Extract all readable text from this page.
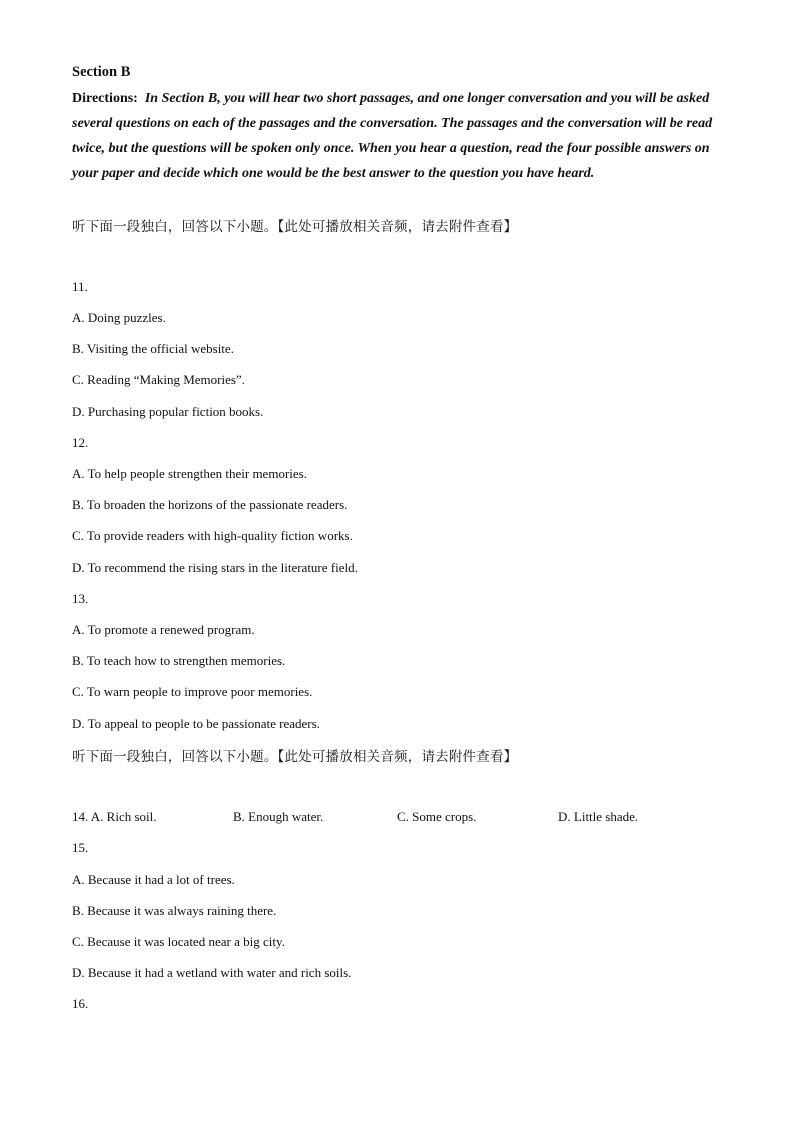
Section B
Directions: In Section B, you will hear two short passages, and one longer conversation and you will be asked several questions on each of the passages and the conversation. The passages and the conversation will be read twice, but the questions will be spoken only once. When you hear a question, read the four possible answers on your paper and decide which one would be the best answer to the question you have heard.
听下面一段独白，回答以下小题。【此处可播放相关音频，请去附件查看】
11.
A. Doing puzzles.
B. Visiting the official website.
C. Reading “Making Memories”.
D. Purchasing popular fiction books.
12.
A. To help people strengthen their memories.
B. To broaden the horizons of the passionate readers.
C. To provide readers with high-quality fiction works.
D. To recommend the rising stars in the literature field.
13.
A. To promote a renewed program.
B. To teach how to strengthen memories.
C. To warn people to improve poor memories.
D. To appeal to people to be passionate readers.
听下面一段独白，回答以下小题。【此处可播放相关音频，请去附件查看】
14. A. Rich soil.	B. Enough water.	C. Some crops.	D. Little shade.
15.
A. Because it had a lot of trees.
B. Because it was always raining there.
C. Because it was located near a big city.
D. Because it had a wetland with water and rich soils.
16.
